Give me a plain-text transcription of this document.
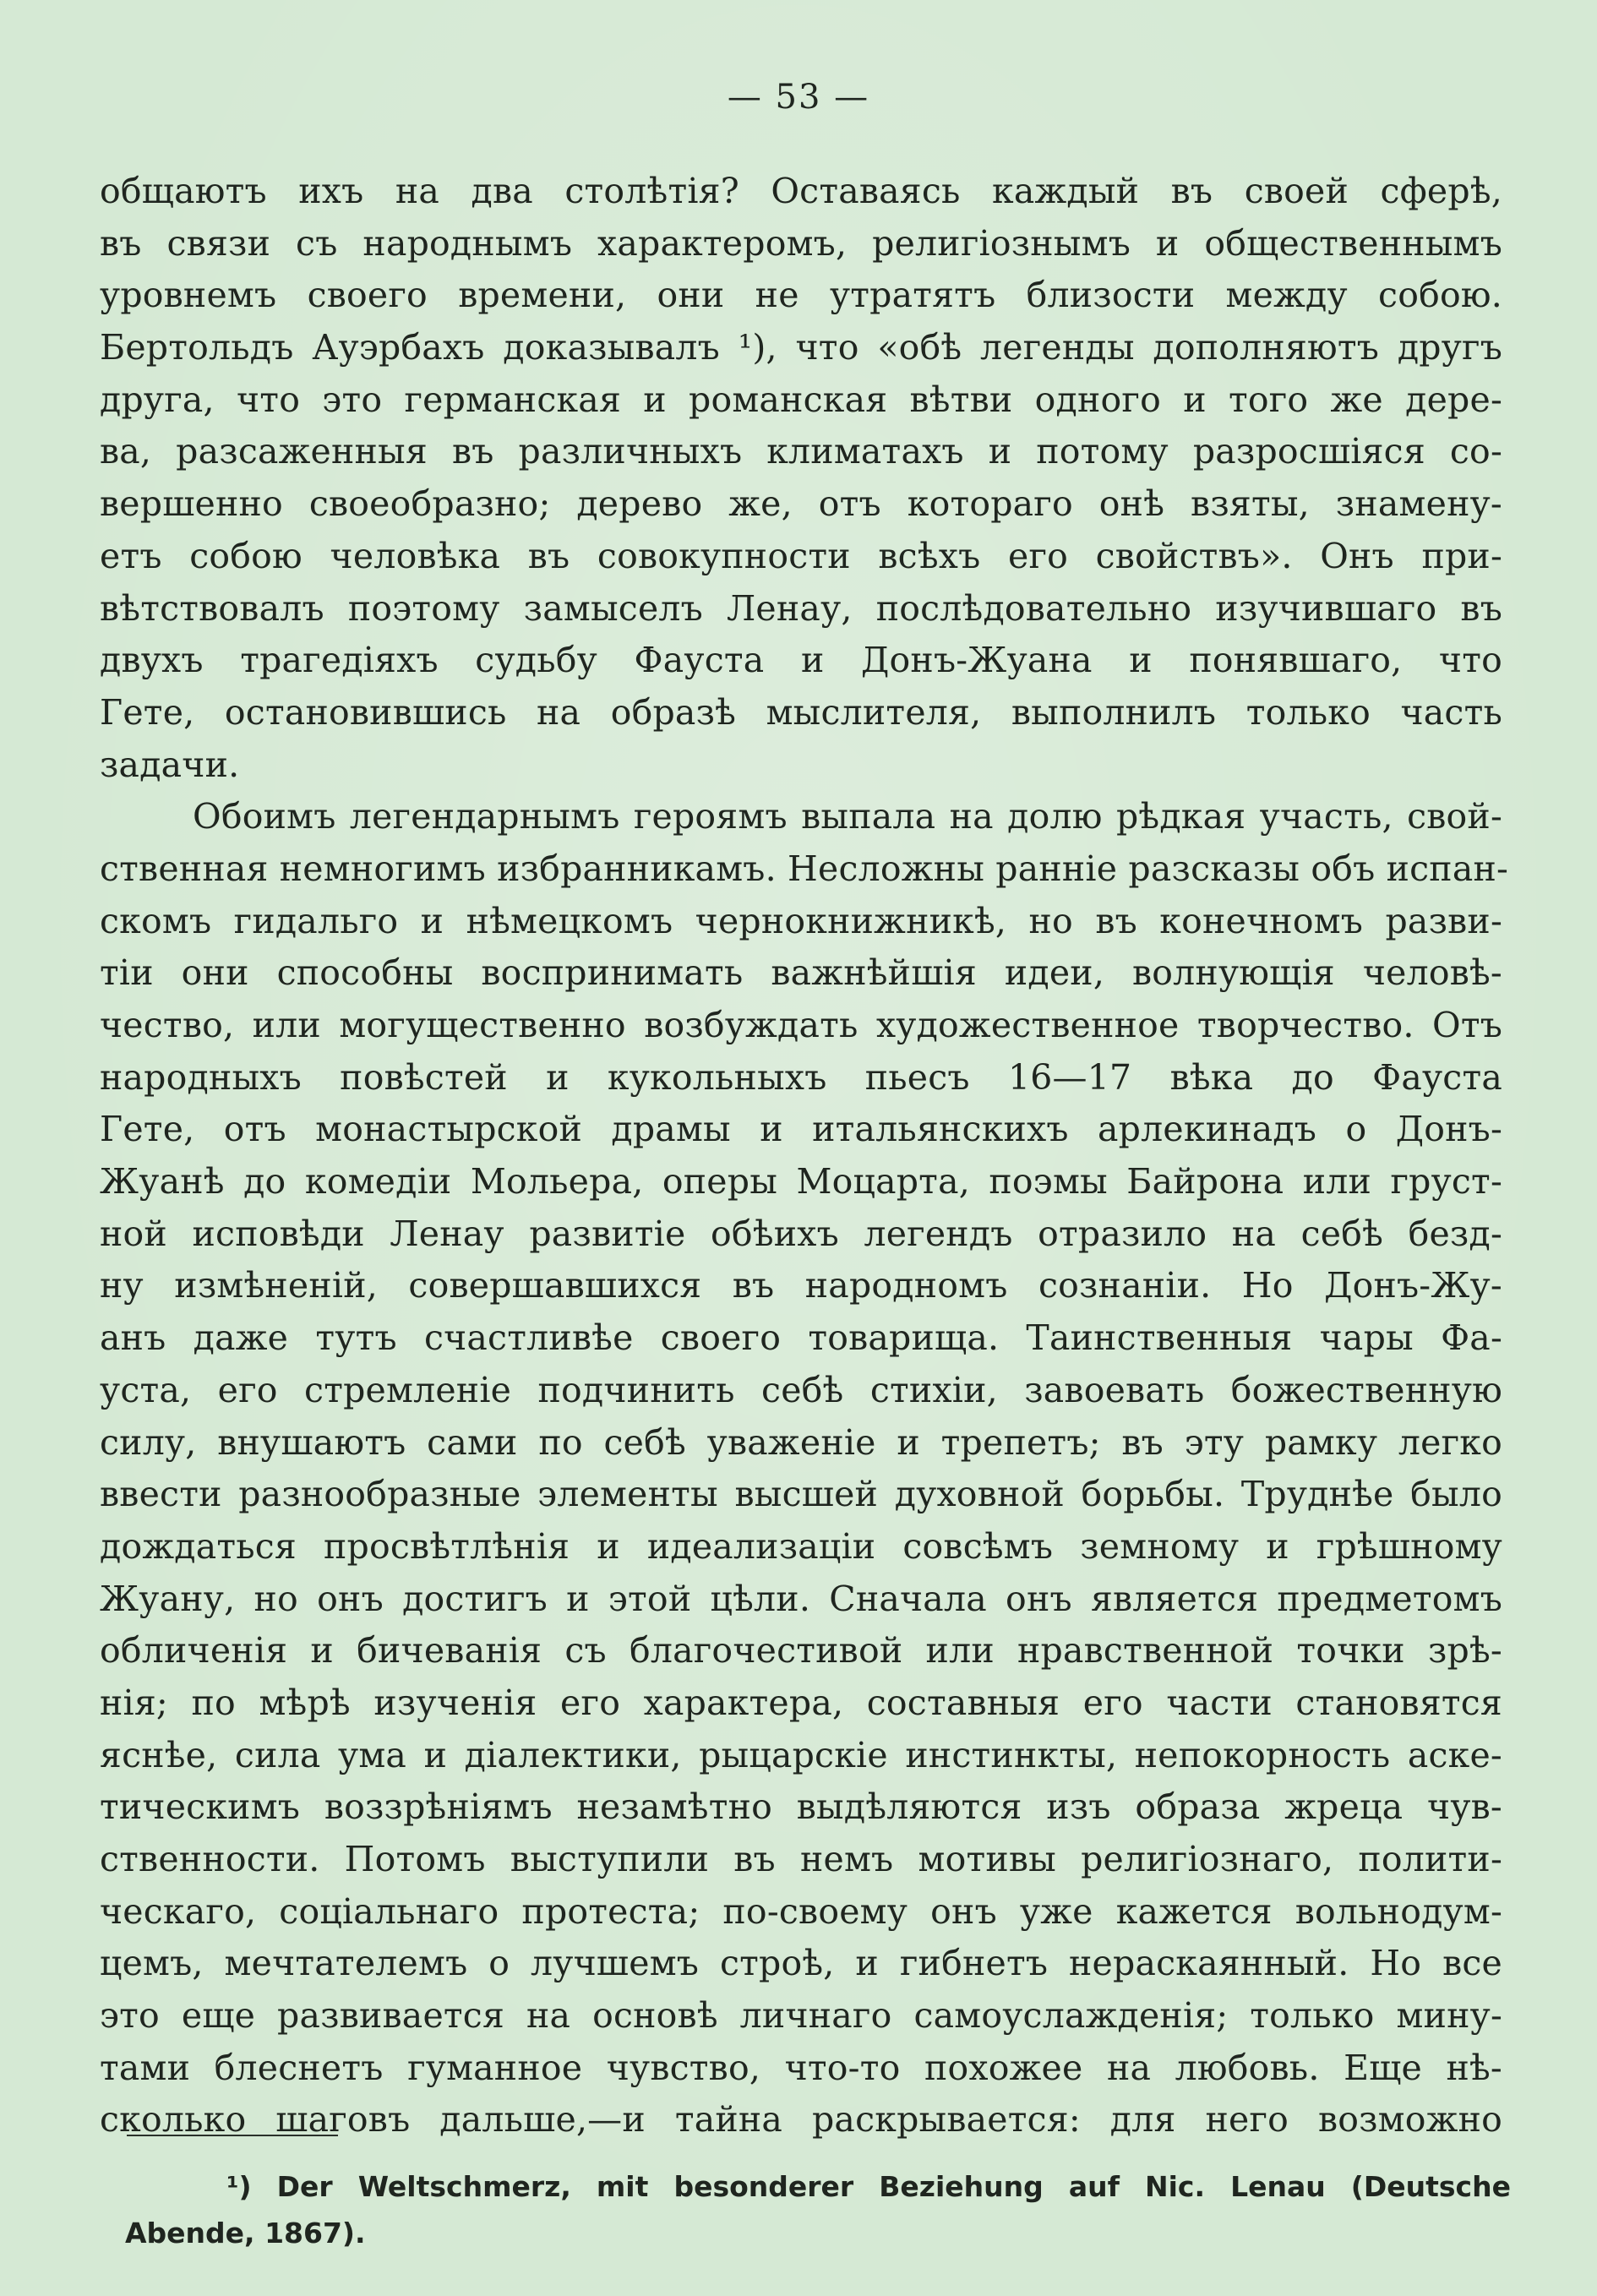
— 53 —
общаютъ ихъ на два столѣтія? Оставаясь каждый въ своей сферѣ,
въ связи съ народнымъ характеромъ, религіознымъ и общественнымъ
уровнемъ своего времени, они не утратятъ близости между собою.
Бертольдъ Ауэрбахъ доказывалъ ¹), что «обѣ легенды дополняютъ другъ
друга, что это германская и романская вѣтви одного и того же дере-
ва, разсаженныя въ различныхъ климатахъ и потому разросшіяся со-
вершенно своеобразно; дерево же, отъ котораго онѣ взяты, знамену-
етъ собою человѣка въ совокупности всѣхъ его свойствъ». Онъ при-
вѣтствовалъ поэтому замыселъ Ленау, послѣдовательно изучившаго въ
двухъ трагедіяхъ судьбу Фауста и Донъ-Жуана и понявшаго, что
Гете, остановившись на образѣ мыслителя, выполнилъ только часть
задачи.
Обоимъ легендарнымъ героямъ выпала на долю рѣдкая участь, свой-
ственная немногимъ избранникамъ. Несложны ранніе разсказы объ испан-
скомъ гидальго и нѣмецкомъ чернокнижникѣ, но въ конечномъ разви-
тіи они способны воспринимать важнѣйшія идеи, волнующія человѣ-
чество, или могущественно возбуждать художественное творчество. Отъ
народныхъ повѣстей и кукольныхъ пьесъ 16—17 вѣка до Фауста
Гете, отъ монастырской драмы и итальянскихъ арлекинадъ о Донъ-
Жуанѣ до комедіи Мольера, оперы Моцарта, поэмы Байрона или груст-
ной исповѣди Ленау развитіе обѣихъ легендъ отразило на себѣ безд-
ну измѣненій, совершавшихся въ народномъ сознаніи. Но Донъ-Жу-
анъ даже тутъ счастливѣе своего товарища. Таинственныя чары Фа-
уста, его стремленіе подчинить себѣ стихіи, завоевать божественную
силу, внушаютъ сами по себѣ уваженіе и трепетъ; въ эту рамку легко
ввести разнообразные элементы высшей духовной борьбы. Труднѣе было
дождаться просвѣтлѣнія и идеализаціи совсѣмъ земному и грѣшному
Жуану, но онъ достигъ и этой цѣли. Сначала онъ является предметомъ
обличенія и бичеванія съ благочестивой или нравственной точки зрѣ-
нія; по мѣрѣ изученія его характера, составныя его части становятся
яснѣе, сила ума и діалектики, рыцарскіе инстинкты, непокорность аске-
тическимъ воззрѣніямъ незамѣтно выдѣляются изъ образа жреца чув-
ственности. Потомъ выступили въ немъ мотивы религіознаго, полити-
ческаго, соціальнаго протеста; по-своему онъ уже кажется вольнодум-
цемъ, мечтателемъ о лучшемъ строѣ, и гибнетъ нераскаянный. Но все
это еще развивается на основѣ личнаго самоуслажденія; только мину-
тами блеснетъ гуманное чувство, что-то похожее на любовь. Еще нѣ-
сколько шаговъ дальше,—и тайна раскрывается: для него возможно
¹) Der Weltschmerz, mit besonderer Beziehung auf Nic. Lenau (Deutsche
Abende, 1867).
